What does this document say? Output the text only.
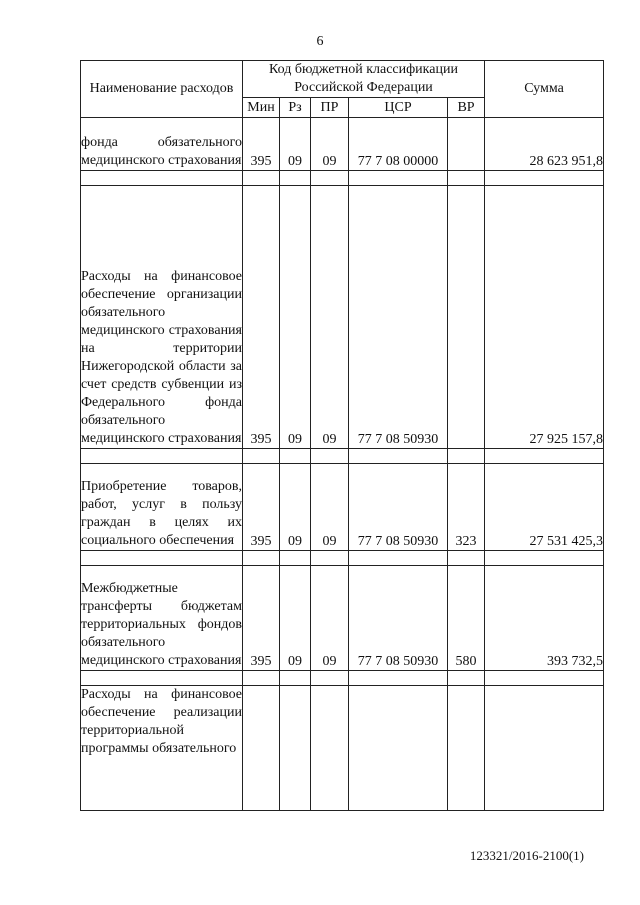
6
Наименование расходов	Код бюджетной классификации Российской Федерации					Сумма
	Мин	Рз	ПР	ЦСР	ВР	

фонда обязательного медицинского страхования	395	09	09	77 7 08 00000		28 623 951,8

Расходы на финансовое обеспечение организации обязательного медицинского страхования на территории Нижегородской области за счет средств субвенции из Федерального фонда обязательного медицинского страхования	395	09	09	77 7 08 50930		27 925 157,8

Приобретение товаров, работ, услуг в пользу граждан в целях их социального обеспечения	395	09	09	77 7 08 50930	323	27 531 425,3

Межбюджетные трансферты бюджетам территориальных фондов обязательного медицинского страхования	395	09	09	77 7 08 50930	580	393 732,5

Расходы на финансовое обеспечение реализации территориальной программы обязательного						

123321/2016-2100(1)
